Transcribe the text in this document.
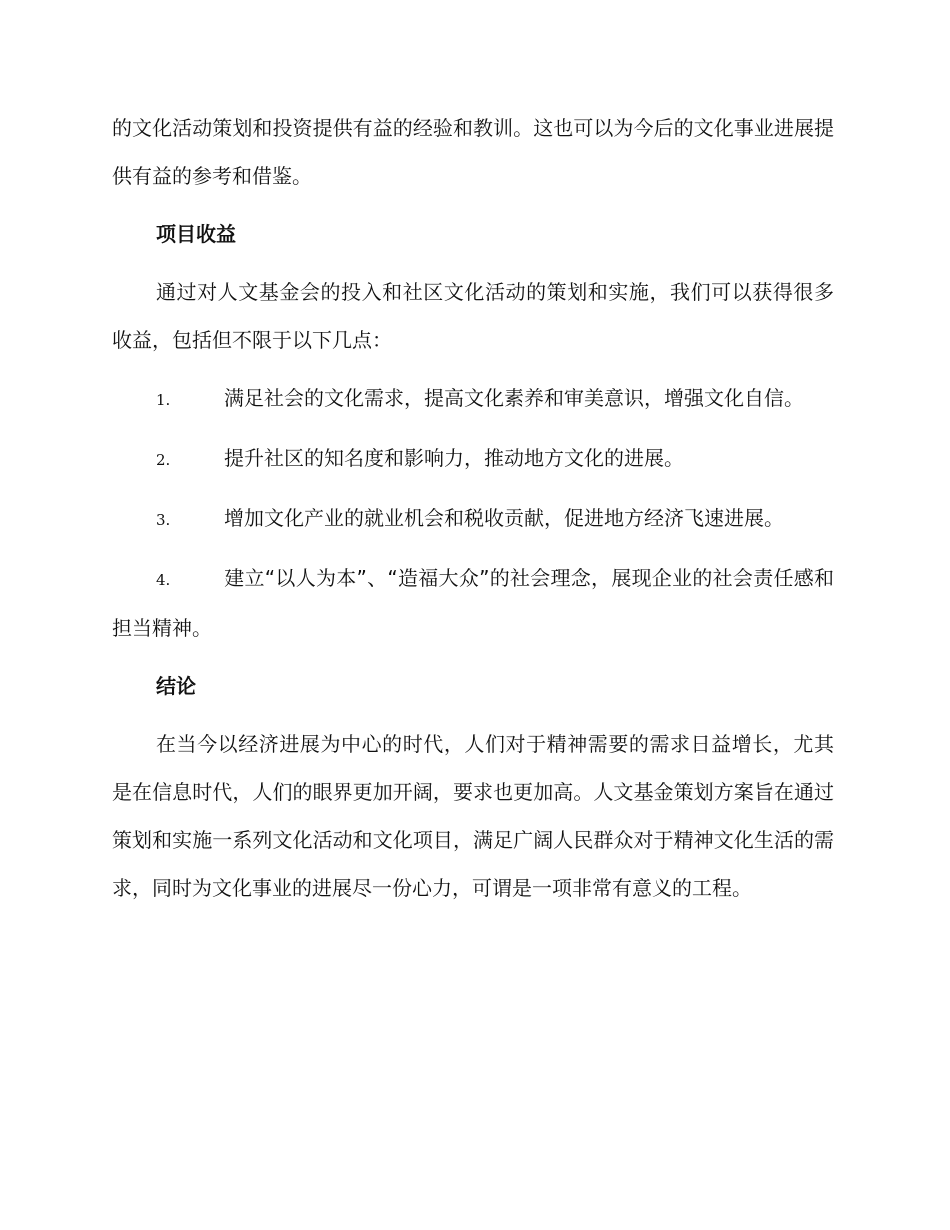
的文化活动策划和投资提供有益的经验和教训。这也可以为今后的文化事业进展提供有益的参考和借鉴。

项目收益

通过对人文基金会的投入和社区文化活动的策划和实施，我们可以获得很多收益，包括但不限于以下几点：

1.	满足社会的文化需求，提高文化素养和审美意识，增强文化自信。
2.	提升社区的知名度和影响力，推动地方文化的进展。
3.	增加文化产业的就业机会和税收贡献，促进地方经济飞速进展。
4.	建立“以人为本”、“造福大众”的社会理念，展现企业的社会责任感和担当精神。
结论

在当今以经济进展为中心的时代，人们对于精神需要的需求日益增长，尤其是在信息时代，人们的眼界更加开阔，要求也更加高。人文基金策划方案旨在通过策划和实施一系列文化活动和文化项目，满足广阔人民群众对于精神文化生活的需求，同时为文化事业的进展尽一份心力，可谓是一项非常有意义的工程。
